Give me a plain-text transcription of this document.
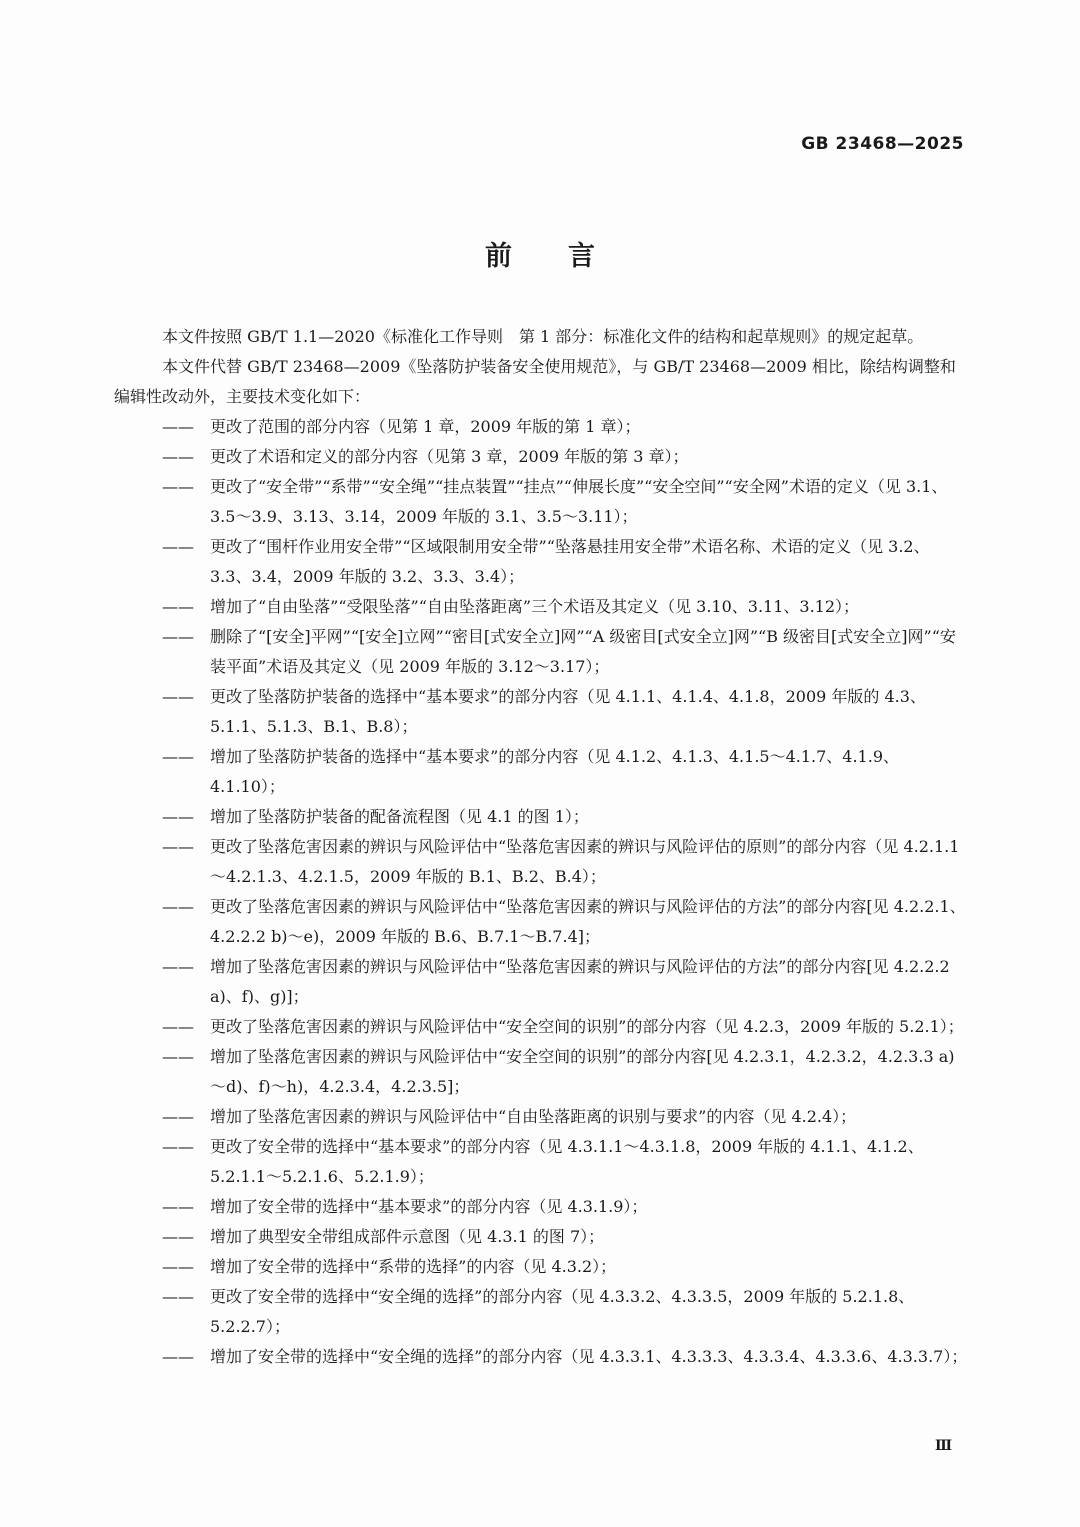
GB 23468—2025
前言

本文件按照 GB/T 1.1—2020《标准化工作导则　第 1 部分：标准化文件的结构和起草规则》的规定起草。

本文件代替 GB/T 23468—2009《坠落防护装备安全使用规范》，与 GB/T 23468—2009 相比，除结构调整和编辑性改动外，主要技术变化如下：

—— 更改了范围的部分内容（见第 1 章，2009 年版的第 1 章）；
—— 更改了术语和定义的部分内容（见第 3 章，2009 年版的第 3 章）；
—— 更改了“安全带”“系带”“安全绳”“挂点装置”“挂点”“伸展长度”“安全空间”“安全网”术语的定义（见 3.1、3.5～3.9、3.13、3.14，2009 年版的 3.1、3.5～3.11）；
—— 更改了“围杆作业用安全带”“区域限制用安全带”“坠落悬挂用安全带”术语名称、术语的定义（见 3.2、3.3、3.4，2009 年版的 3.2、3.3、3.4）；
—— 增加了“自由坠落”“受限坠落”“自由坠落距离”三个术语及其定义（见 3.10、3.11、3.12）；
—— 删除了“[安全]平网”“[安全]立网”“密目[式安全立]网”“A 级密目[式安全立]网”“B 级密目[式安全立]网”“安装平面”术语及其定义（见 2009 年版的 3.12～3.17）；
—— 更改了坠落防护装备的选择中“基本要求”的部分内容（见 4.1.1、4.1.4、4.1.8，2009 年版的 4.3、5.1.1、5.1.3、B.1、B.8）；
—— 增加了坠落防护装备的选择中“基本要求”的部分内容（见 4.1.2、4.1.3、4.1.5～4.1.7、4.1.9、4.1.10）；
—— 增加了坠落防护装备的配备流程图（见 4.1 的图 1）；
—— 更改了坠落危害因素的辨识与风险评估中“坠落危害因素的辨识与风险评估的原则”的部分内容（见 4.2.1.1～4.2.1.3、4.2.1.5，2009 年版的 B.1、B.2、B.4）；
—— 更改了坠落危害因素的辨识与风险评估中“坠落危害因素的辨识与风险评估的方法”的部分内容[见 4.2.2.1、4.2.2.2 b)～e)，2009 年版的 B.6、B.7.1～B.7.4]；
—— 增加了坠落危害因素的辨识与风险评估中“坠落危害因素的辨识与风险评估的方法”的部分内容[见 4.2.2.2 a)、f)、g)]；
—— 更改了坠落危害因素的辨识与风险评估中“安全空间的识别”的部分内容（见 4.2.3，2009 年版的 5.2.1）；
—— 增加了坠落危害因素的辨识与风险评估中“安全空间的识别”的部分内容[见 4.2.3.1，4.2.3.2，4.2.3.3 a)～d)、f)～h)，4.2.3.4，4.2.3.5]；
—— 增加了坠落危害因素的辨识与风险评估中“自由坠落距离的识别与要求”的内容（见 4.2.4）；
—— 更改了安全带的选择中“基本要求”的部分内容（见 4.3.1.1～4.3.1.8，2009 年版的 4.1.1、4.1.2、5.2.1.1～5.2.1.6、5.2.1.9）；
—— 增加了安全带的选择中“基本要求”的部分内容（见 4.3.1.9）；
—— 增加了典型安全带组成部件示意图（见 4.3.1 的图 7）；
—— 增加了安全带的选择中“系带的选择”的内容（见 4.3.2）；
—— 更改了安全带的选择中“安全绳的选择”的部分内容（见 4.3.3.2、4.3.3.5，2009 年版的 5.2.1.8、5.2.2.7）；
—— 增加了安全带的选择中“安全绳的选择”的部分内容（见 4.3.3.1、4.3.3.3、4.3.3.4、4.3.3.6、4.3.3.7）；
Ⅲ
